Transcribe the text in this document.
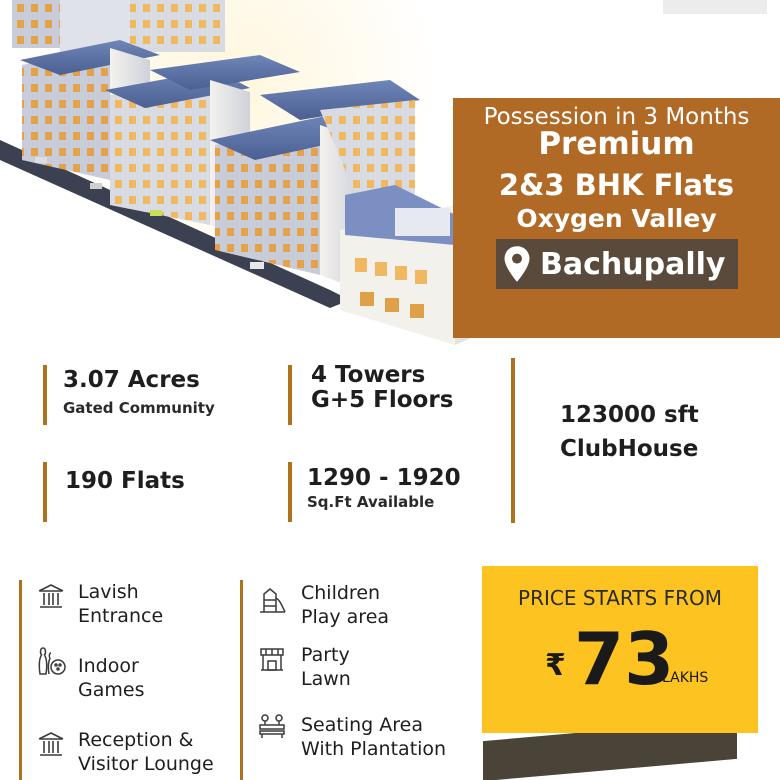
Possession in 3 Months
Premium
2&3 BHK Flats
Oxygen Valley
Bachupally
3.07 Acres
Gated Community
4 Towers
G+5 Floors
123000 sft
ClubHouse
190 Flats	1290 - 1920
Sq.Ft Available
Lavish
Entrance
Indoor
Games
Reception &
Visitor Lounge
Children
Play area
Party
Lawn
Seating Area
With Plantation
PRICE STARTS FROM
₹ 73
LAKHS
